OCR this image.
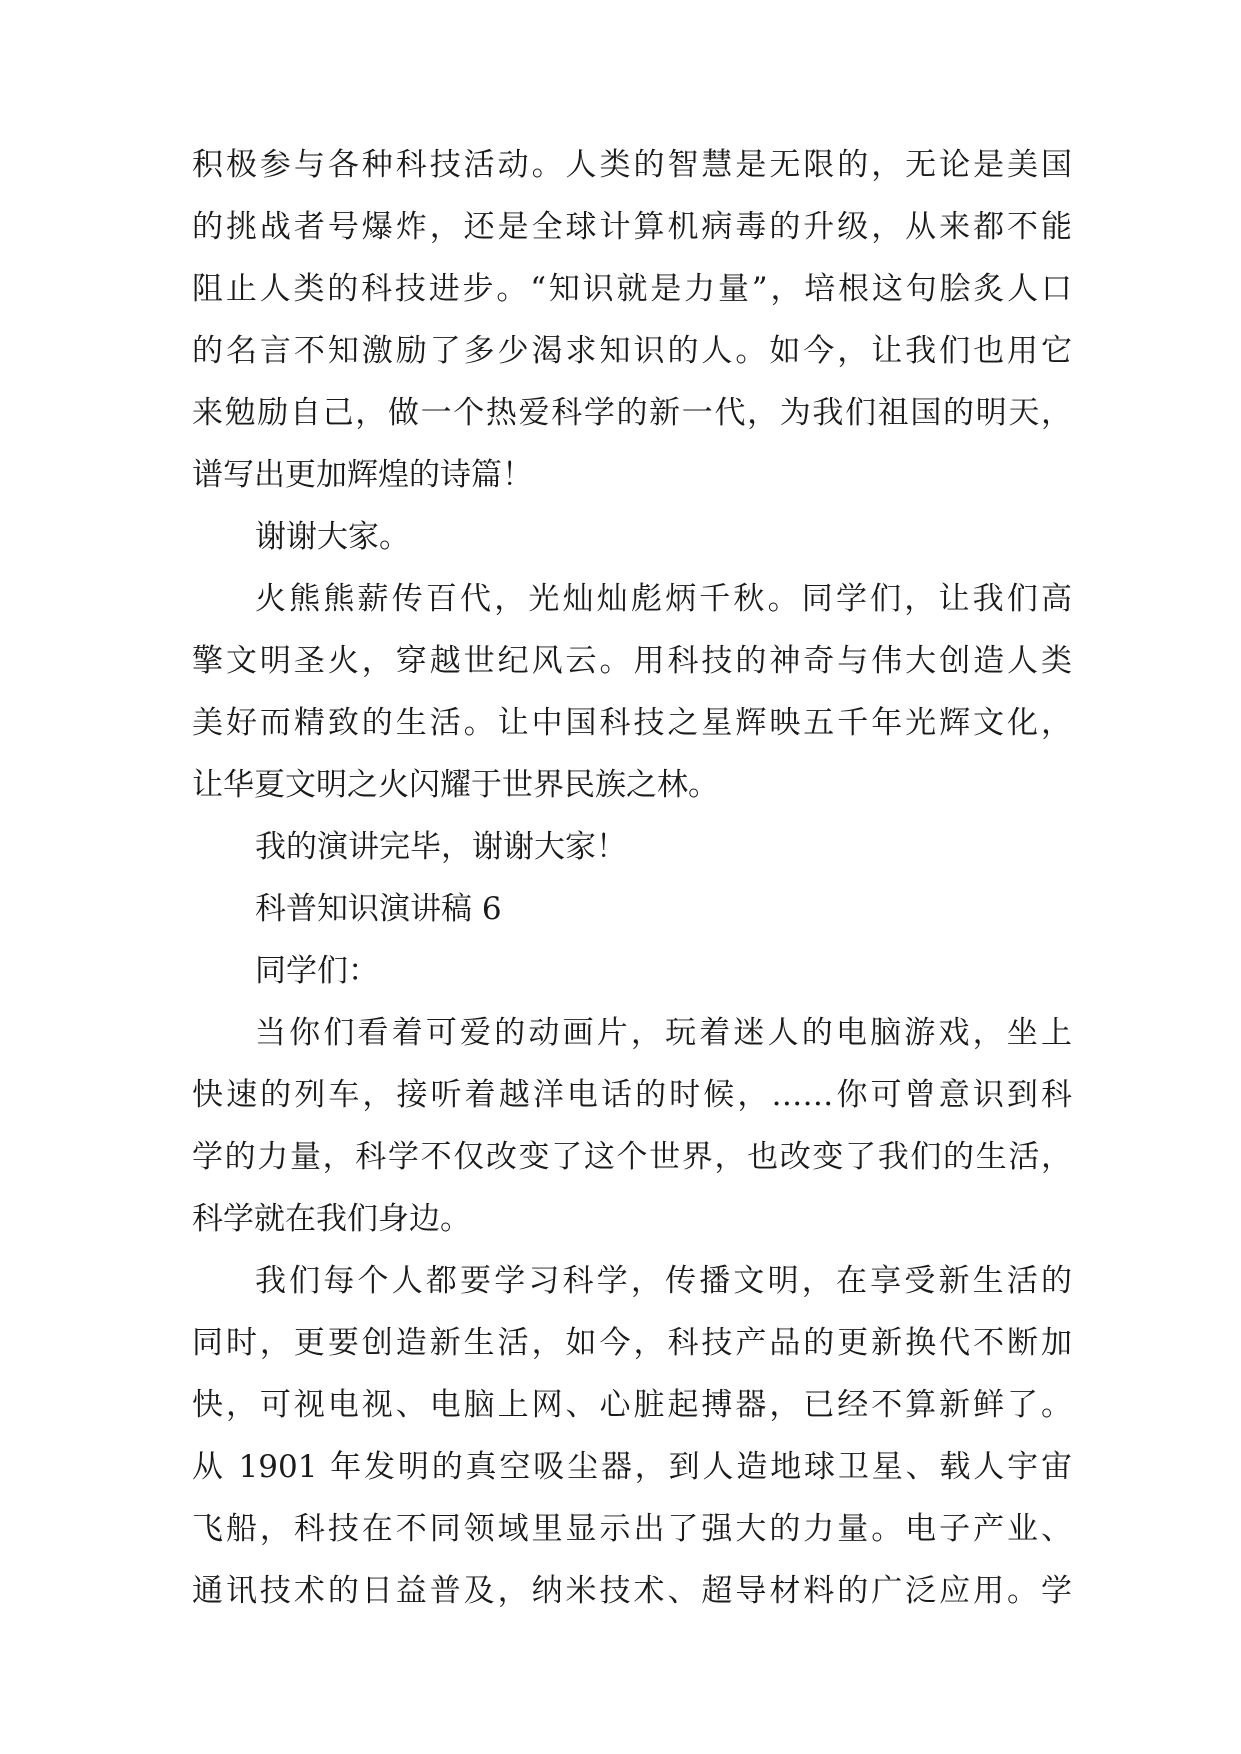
积极参与各种科技活动。人类的智慧是无限的，无论是美国
的挑战者号爆炸，还是全球计算机病毒的升级，从来都不能
阻止人类的科技进步。“知识就是力量”，培根这句脍炙人口
的名言不知激励了多少渴求知识的人。如今，让我们也用它
来勉励自己，做一个热爱科学的新一代，为我们祖国的明天，
谱写出更加辉煌的诗篇！
谢谢大家。
火熊熊薪传百代，光灿灿彪炳千秋。同学们，让我们高
擎文明圣火，穿越世纪风云。用科技的神奇与伟大创造人类
美好而精致的生活。让中国科技之星辉映五千年光辉文化，
让华夏文明之火闪耀于世界民族之林。
我的演讲完毕，谢谢大家！
科普知识演讲稿 6
同学们：
当你们看着可爱的动画片，玩着迷人的电脑游戏，坐上
快速的列车，接听着越洋电话的时候，……你可曾意识到科
学的力量，科学不仅改变了这个世界，也改变了我们的生活，
科学就在我们身边。
我们每个人都要学习科学，传播文明，在享受新生活的
同时，更要创造新生活，如今，科技产品的更新换代不断加
快，可视电视、电脑上网、心脏起搏器，已经不算新鲜了。
从 1901 年发明的真空吸尘器，到人造地球卫星、载人宇宙
飞船，科技在不同领域里显示出了强大的力量。电子产业、
通讯技术的日益普及，纳米技术、超导材料的广泛应用。学
